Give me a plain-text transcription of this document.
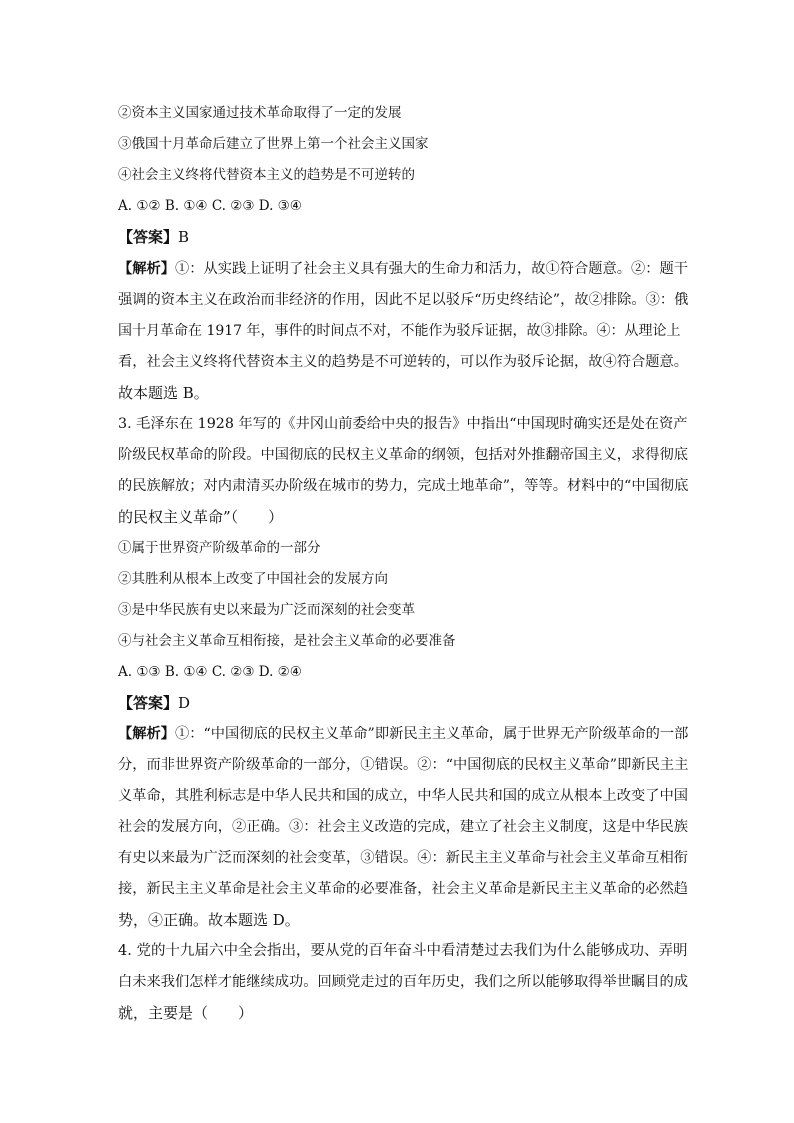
②资本主义国家通过技术革命取得了一定的发展
③俄国十月革命后建立了世界上第一个社会主义国家
④社会主义终将代替资本主义的趋势是不可逆转的
A. ①② B. ①④ C. ②③ D. ③④
【答案】B
【解析】①：从实践上证明了社会主义具有强大的生命力和活力，故①符合题意。②：题干
强调的资本主义在政治而非经济的作用，因此不足以驳斥“历史终结论”，故②排除。③：俄
国十月革命在 1917 年，事件的时间点不对，不能作为驳斥证据，故③排除。④：从理论上
看，社会主义终将代替资本主义的趋势是不可逆转的，可以作为驳斥论据，故④符合题意。
故本题选 B。
3. 毛泽东在 1928 年写的《井冈山前委给中央的报告》中指出“中国现时确实还是处在资产
阶级民权革命的阶段。中国彻底的民权主义革命的纲领，包括对外推翻帝国主义，求得彻底
的民族解放；对内肃清买办阶级在城市的势力，完成土地革命”，等等。材料中的“中国彻底
的民权主义革命”（　　）
①属于世界资产阶级革命的一部分
②其胜利从根本上改变了中国社会的发展方向
③是中华民族有史以来最为广泛而深刻的社会变革
④与社会主义革命互相衔接，是社会主义革命的必要准备
A. ①③ B. ①④ C. ②③ D. ②④
【答案】D
【解析】①：“中国彻底的民权主义革命”即新民主主义革命，属于世界无产阶级革命的一部
分，而非世界资产阶级革命的一部分，①错误。②：“中国彻底的民权主义革命”即新民主主
义革命，其胜利标志是中华人民共和国的成立，中华人民共和国的成立从根本上改变了中国
社会的发展方向，②正确。③：社会主义改造的完成，建立了社会主义制度，这是中华民族
有史以来最为广泛而深刻的社会变革，③错误。④：新民主主义革命与社会主义革命互相衔
接，新民主主义革命是社会主义革命的必要准备，社会主义革命是新民主主义革命的必然趋
势，④正确。故本题选 D。
4. 党的十九届六中全会指出，要从党的百年奋斗中看清楚过去我们为什么能够成功、弄明
白未来我们怎样才能继续成功。回顾党走过的百年历史，我们之所以能够取得举世瞩目的成
就，主要是（　　）
